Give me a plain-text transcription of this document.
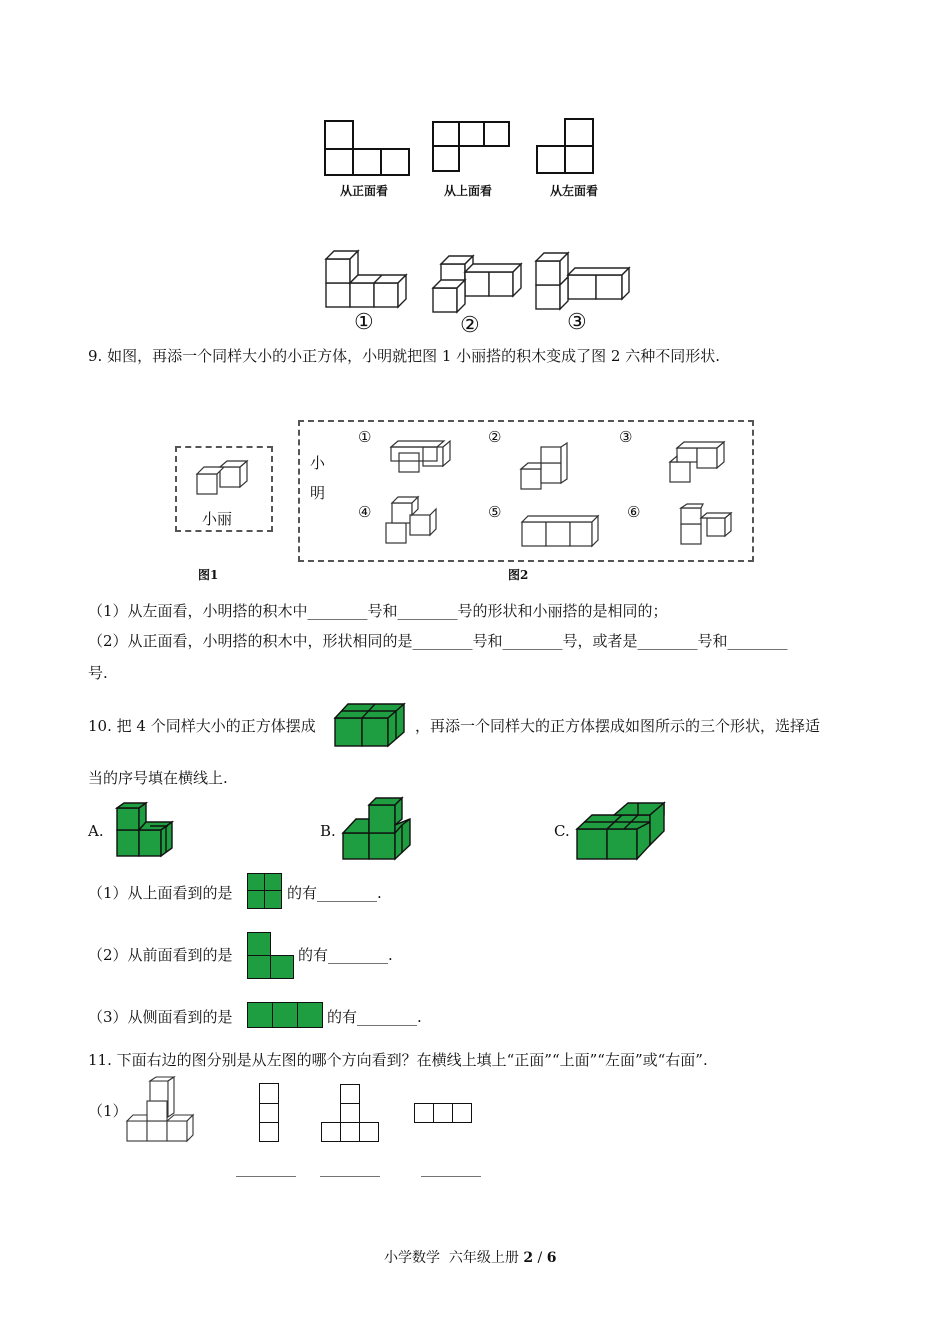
从正面看	从上面看	从左面看
①	②	③
9. 如图，再添一个同样大小的小正方体，小明就把图 1 小丽搭的积木变成了图 2 六种不同形状.
小丽
小
明
①	②	③
④	⑤	⑥
图1	图2
（1）从左面看，小明搭的积木中________号和________号的形状和小丽搭的是相同的；
（2）从正面看，小明搭的积木中，形状相同的是________号和________号，或者是________号和________
号.
10. 把 4 个同样大小的正方体摆成	，再添一个同样大的正方体摆成如图所示的三个形状，选择适
当的序号填在横线上.
A.	B.	C.
（1）从上面看到的是	的有________.
（2）从前面看到的是	的有________.
（3）从侧面看到的是	的有________.
11. 下面右边的图分别是从左图的哪个方向看到？在横线上填上“正面”“上面”“左面”或“右面”.
（1）
________ ________	________
小学数学  六年级上册 2 / 6
